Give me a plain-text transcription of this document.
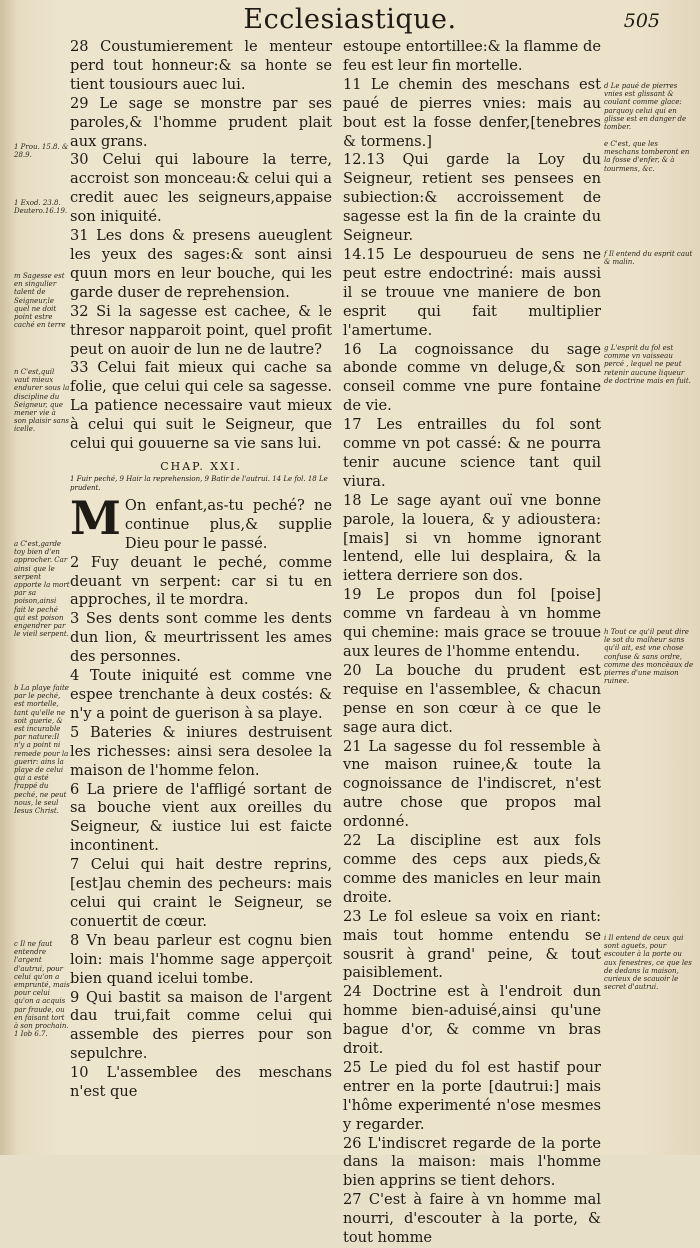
Ecclesiastique.	505
28 Coustumierement le menteur perd tout honneur:& sa honte se tient tousiours auec lui.
29 Le sage se monstre par ses paroles,& l'homme prudent plait aux grans.
30 Celui qui laboure la terre, accroist son monceau:& celui qui a credit auec les seigneurs,appaise son iniquité.
31 Les dons & presens aueuglent les yeux des sages:& sont ainsi quun mors en leur bouche, qui les garde duser de reprehension.
32 Si la sagesse est cachee, & le thresor napparoit point, quel profit peut on auoir de lun ne de lautre?
33 Celui fait mieux qui cache sa folie, que celui qui cele sa sagesse. La patience necessaire vaut mieux à celui qui suit le Seigneur, que celui qui gouuerne sa vie sans lui.
CHAP. XXI.
1 Fuir peché, 9 Hair la reprehension, 9 Batir de l'autrui. 14 Le fol. 18 Le prudent.
M On enfant,as-tu peché? ne continue plus,& supplie Dieu pour le passé.
2 Fuy deuant le peché, comme deuant vn serpent: car si tu en approches, il te mordra.
3 Ses dents sont comme les dents dun lion, & meurtrissent les ames des personnes.
4 Toute iniquité est comme vne espee trenchante à deux costés: & n'y a point de guerison à sa playe.
5 Bateries & iniures destruisent les richesses: ainsi sera desolee la maison de l'homme felon.
6 La priere de l'affligé sortant de sa bouche vient aux oreilles du Seigneur, & iustice lui est faicte incontinent.
7 Celui qui hait destre reprins,[est]au chemin des pecheurs: mais celui qui craint le Seigneur, se conuertit de cœur.
8 Vn beau parleur est cognu bien loin: mais l'homme sage apperçoit bien quand icelui tombe.
9 Qui bastit sa maison de l'argent dau trui,fait comme celui qui assemble des pierres pour son sepulchre.
10 L'assemblee des meschans n'est que
1 Prou. 15.8. & 28.9.
1 Exod. 23.8. Deutero.16.19.
m Sagesse est en singulier talent de Seigneur,le quel ne doit point estre caché en terre
n C'est,quil vaut mieux endurer sous la discipline du Seigneur, que mener vie à son plaisir sans icelle.
a C'est,garde toy bien d'en approcher. Car ainsi que le serpent apporte la mort par sa poison,ainsi fait le peché qui est poison engendrer par le vieil serpent.
b La playe faite par le peché, est mortelle, tant qu'elle ne soit guerie, & est incurable par nature:Il n'y a point ni remede pour la guerir: ains la playe de celui qui a esté frappé du peché, ne peut nous, le seul Iesus Christ.
c Il ne faut entendre l'argent d'autrui, pour celui qu'on a emprunté, mais pour celui qu'on a acquis par fraude, ou en faisant tort à son prochain. 1 Iob 6.7.
estoupe entortillee:& la flamme de feu est leur fin mortelle.
11 Le chemin des meschans est paué de pierres vnies: mais au bout est la fosse denfer,[tenebres & tormens.]
12.13 Qui garde la Loy du Seigneur, retient ses pensees en subiection:& accroissement de sagesse est la fin de la crainte du Seigneur.
14.15 Le despourueu de sens ne peut estre endoctriné: mais aussi il se trouue vne maniere de bon esprit qui fait multiplier l'amertume.
16 La cognoissance du sage abonde comme vn deluge,& son conseil comme vne pure fontaine de vie.
17 Les entrailles du fol sont comme vn pot cassé: & ne pourra tenir aucune science tant quil viura.
18 Le sage ayant ouï vne bonne parole, la louera, & y adioustera: [mais] si vn homme ignorant lentend, elle lui desplaira, & la iettera derriere son dos.
19 Le propos dun fol [poise] comme vn fardeau à vn homme qui chemine: mais grace se trouue aux leures de l'homme entendu.
20 La bouche du prudent est requise en l'assemblee, & chacun pense en son cœur à ce que le sage aura dict.
21 La sagesse du fol ressemble à vne maison ruinee,& toute la cognoissance de l'indiscret, n'est autre chose que propos mal ordonné.
22 La discipline est aux fols comme des ceps aux pieds,& comme des manicles en leur main droite.
23 Le fol esleue sa voix en riant: mais tout homme entendu se sousrit à grand' peine, & tout paisiblement.
24 Doctrine est à l'endroit dun homme bien-aduisé,ainsi qu'une bague d'or, & comme vn bras droit.
25 Le pied du fol est hastif pour entrer en la porte [dautrui:] mais l'hôme experimenté n'ose mesmes y regarder.
26 L'indiscret regarde de la porte dans la maison: mais l'homme bien apprins se tient dehors.
27 C'est à faire à vn homme mal nourri, d'escouter à la porte, & tout homme
d Le paué de pierres vnies est glissant & coulant comme glace: parquoy celui qui en glisse est en danger de tomber.
e C'est, que les meschans tomberont en la fosse d'enfer, & à tourmens, &c.
f Il entend du esprit caut & malin.
g L'esprit du fol est comme vn vaisseau percé , lequel ne peut retenir aucune liqueur de doctrine mais en fuit.
h Tout ce qu'il peut dire le sot du malheur sans qu'il ait, est vne chose confuse & sans ordre, comme des moncèaux de pierres d'une maison ruinee.
i Il entend de ceux qui sont aguets, pour escouter à la porte ou aux fenestres, ce que les de dedans la maison, curieux de scauoir le secret d'autrui.
